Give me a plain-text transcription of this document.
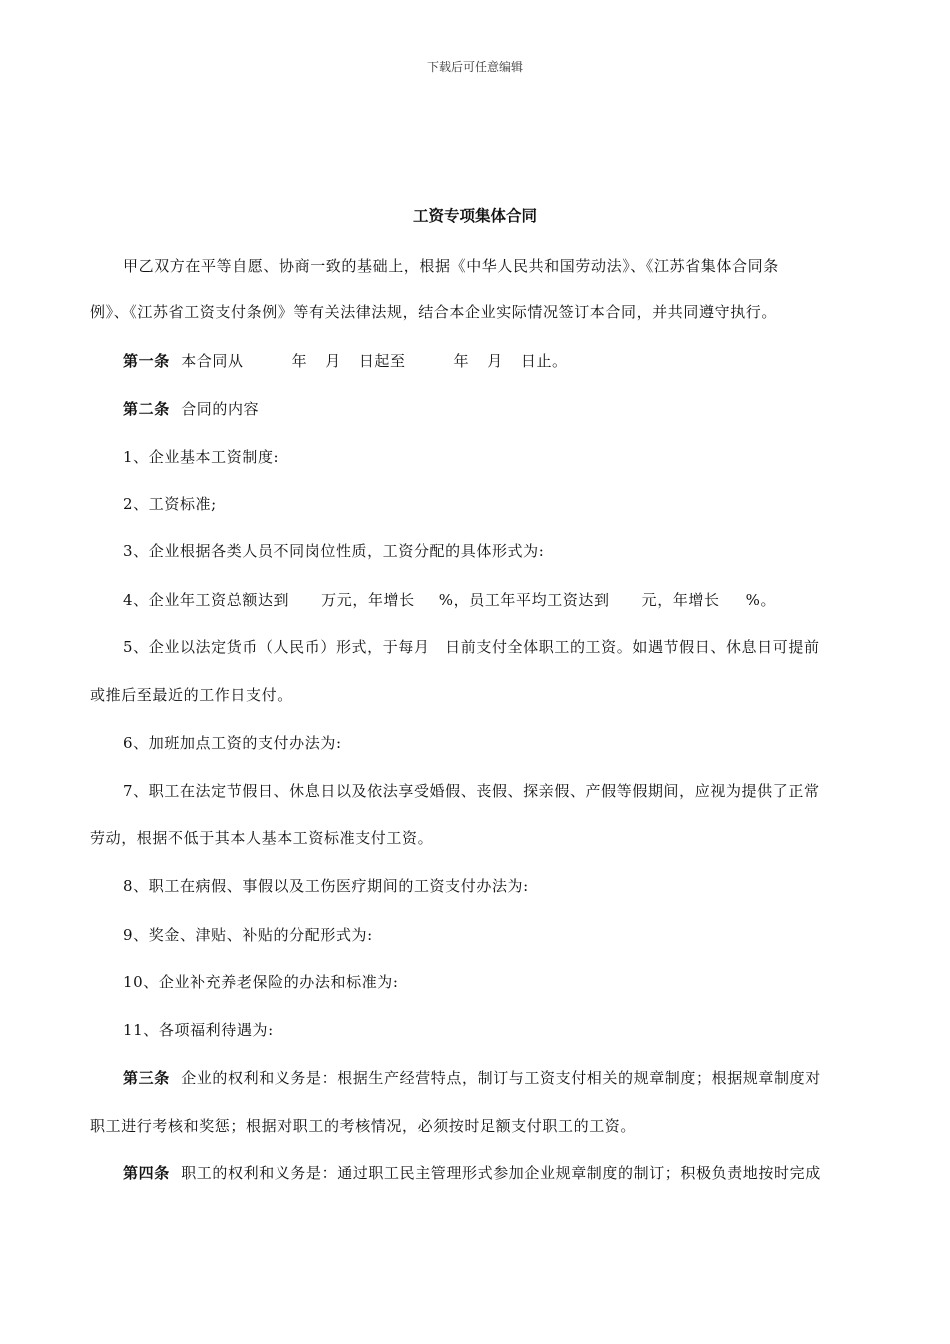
下载后可任意编辑
工资专项集体合同
甲乙双方在平等自愿、协商一致的基础上，根据《中华人民共和国劳动法》、《江苏省集体合同条
例》、《江苏省工资支付条例》等有关法律法规，结合本企业实际情况签订本合同，并共同遵守执行。
第一条 本合同从	年 月 日起至	年 月 日止。
第二条 合同的内容
1、企业基本工资制度:
2、工资标准;
3、企业根据各类人员不同岗位性质，工资分配的具体形式为:
4、企业年工资总额达到 万元，年增长 %，员工年平均工资达到 元，年增长 %。
5、企业以法定货币（人民币）形式，于每月　日前支付全体职工的工资。如遇节假日、休息日可提前
或推后至最近的工作日支付。
6、加班加点工资的支付办法为:
7、职工在法定节假日、休息日以及依法享受婚假、丧假、探亲假、产假等假期间，应视为提供了正常
劳动，根据不低于其本人基本工资标准支付工资。
8、职工在病假、事假以及工伤医疗期间的工资支付办法为:
9、奖金、津贴、补贴的分配形式为:
10、企业补充养老保险的办法和标准为:
11、各项福利待遇为:
第三条 企业的权利和义务是：根据生产经营特点，制订与工资支付相关的规章制度；根据规章制度对
职工进行考核和奖惩；根据对职工的考核情况，必须按时足额支付职工的工资。
第四条 职工的权利和义务是：通过职工民主管理形式参加企业规章制度的制订；积极负责地按时完成
